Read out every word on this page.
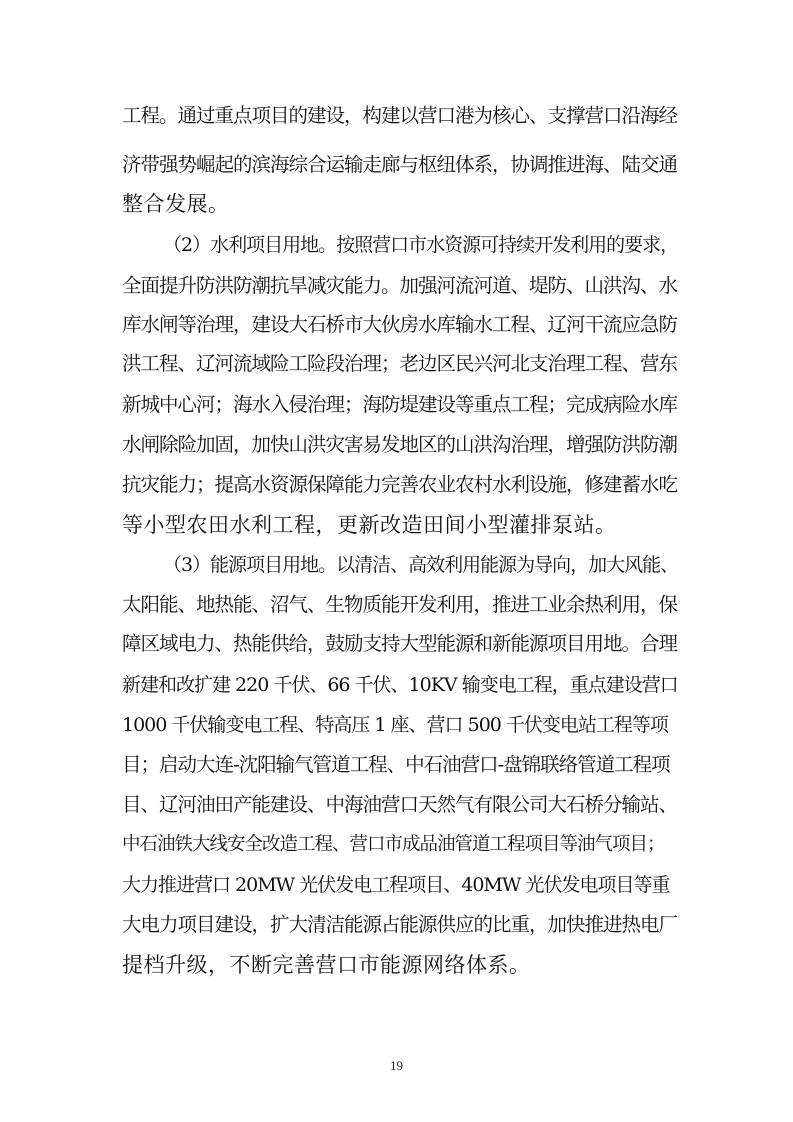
工程。通过重点项目的建设，构建以营口港为核心、支撑营口沿海经
济带强势崛起的滨海综合运输走廊与枢纽体系，协调推进海、陆交通
整合发展。
（2）水利项目用地。按照营口市水资源可持续开发利用的要求，
全面提升防洪防潮抗旱减灾能力。加强河流河道、堤防、山洪沟、水
库水闸等治理，建设大石桥市大伙房水库输水工程、辽河干流应急防
洪工程、辽河流域险工险段治理；老边区民兴河北支治理工程、营东
新城中心河；海水入侵治理；海防堤建设等重点工程；完成病险水库
水闸除险加固，加快山洪灾害易发地区的山洪沟治理，增强防洪防潮
抗灾能力；提高水资源保障能力完善农业农村水利设施，修建蓄水吃
等小型农田水利工程，更新改造田间小型灌排泵站。
（3）能源项目用地。以清洁、高效利用能源为导向，加大风能、
太阳能、地热能、沼气、生物质能开发利用，推进工业余热利用，保
障区域电力、热能供给，鼓励支持大型能源和新能源项目用地。合理
新建和改扩建 220 千伏、66 千伏、10KV 输变电工程，重点建设营口
1000 千伏输变电工程、特高压 1 座、营口 500 千伏变电站工程等项
目；启动大连-沈阳输气管道工程、中石油营口-盘锦联络管道工程项
目、辽河油田产能建设、中海油营口天然气有限公司大石桥分输站、
中石油铁大线安全改造工程、营口市成品油管道工程项目等油气项目；
大力推进营口 20MW 光伏发电工程项目、40MW 光伏发电项目等重
大电力项目建设，扩大清洁能源占能源供应的比重，加快推进热电厂
提档升级，不断完善营口市能源网络体系。
19
